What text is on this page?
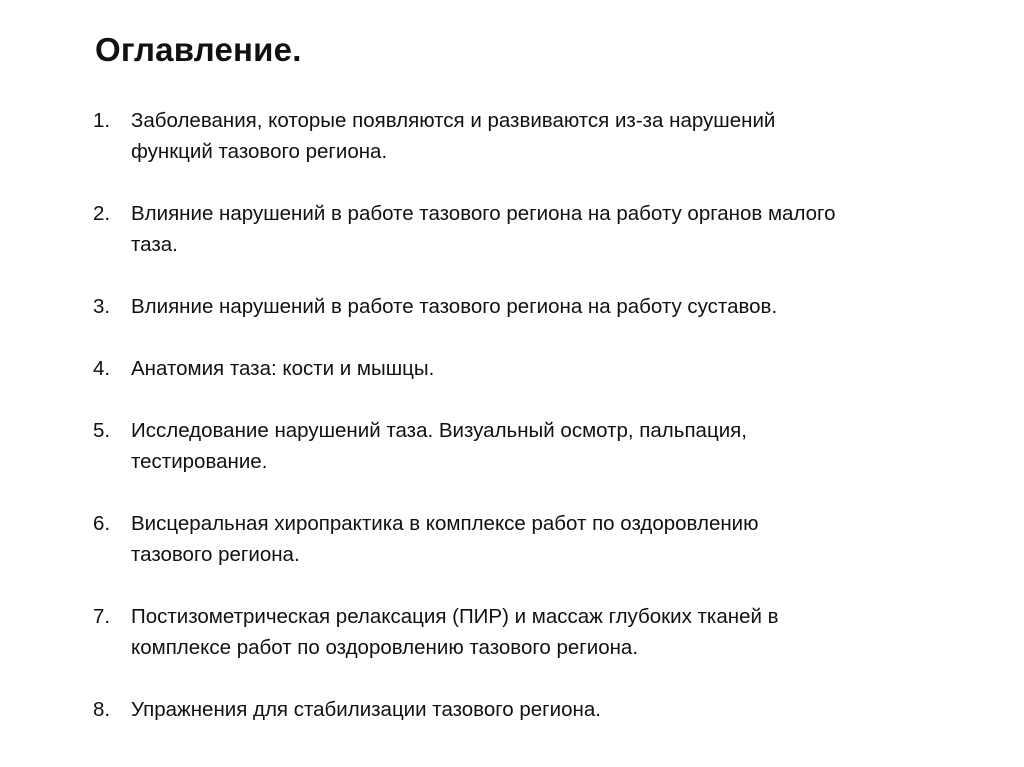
Оглавление.
1. Заболевания, которые появляются и развиваются из-за нарушений
функций тазового региона.
2. Влияние нарушений в работе тазового региона на работу органов малого
таза.
3. Влияние нарушений в работе тазового региона на работу суставов.
4. Анатомия таза: кости и мышцы.
5. Исследование нарушений таза. Визуальный осмотр, пальпация,
тестирование.
6. Висцеральная хиропрактика в комплексе работ по оздоровлению
тазового региона.
7. Постизометрическая релаксация (ПИР) и массаж глубоких тканей в
комплексе работ по оздоровлению тазового региона.
8. Упражнения для стабилизации тазового региона.
